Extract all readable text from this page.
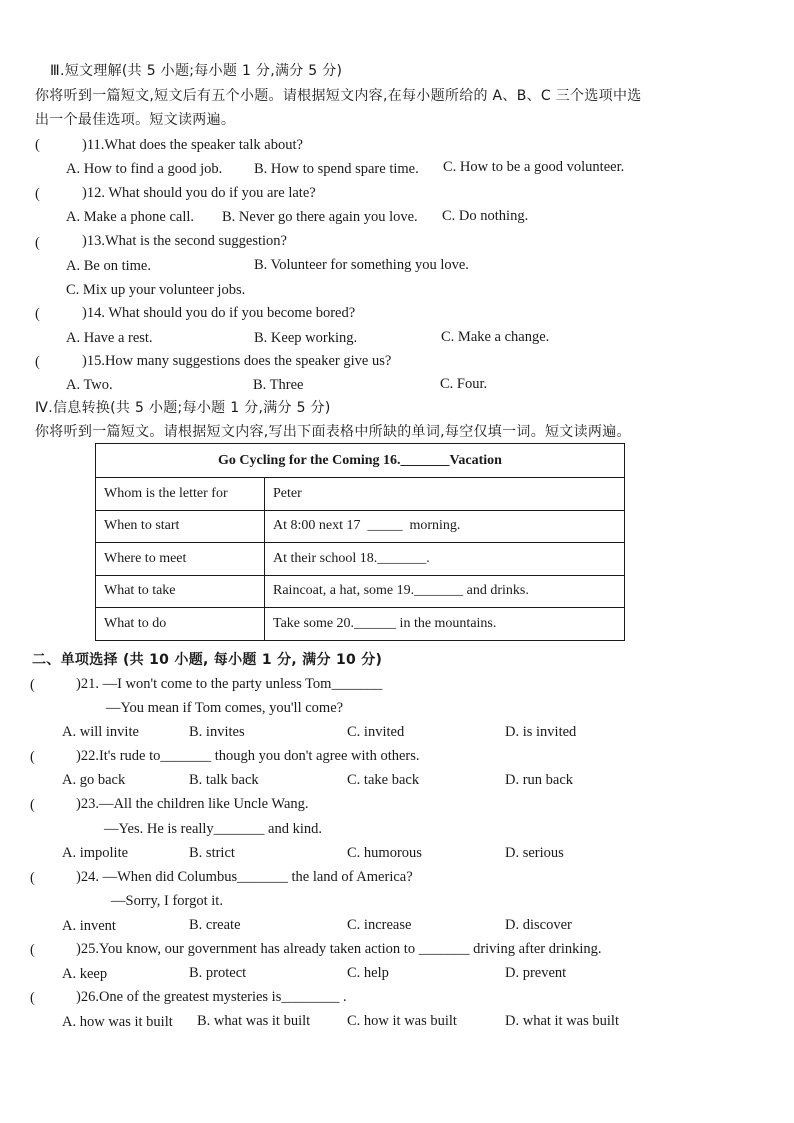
Ⅲ.短文理解(共 5 小题;每小题 1 分,满分 5 分)
你将听到一篇短文,短文后有五个小题。请根据短文内容,在每小题所给的 A、B、C 三个选项中选
出一个最佳选项。短文读两遍。
(	)11.What does the speaker talk about?
A. How to find a good job. B. How to spend spare time. C. How to be a good volunteer.
(	)12. What should you do if you are late?
A. Make a phone call. B. Never go there again you love. C. Do nothing.
(	)13.What is the second suggestion?
A. Be on time.	B. Volunteer for something you love.
C. Mix up your volunteer jobs.
(	)14. What should you do if you become bored?
A. Have a rest.	B. Keep working.	C. Make a change.
(	)15.How many suggestions does the speaker give us?
A. Two.	B. Three	C. Four.
Ⅳ.信息转换(共 5 小题;每小题 1 分,满分 5 分)
你将听到一篇短文。请根据短文内容,写出下面表格中所缺的单词,每空仅填一词。短文读两遍。
Go Cycling for the Coming 16._______Vacation	
Whom is the letter for	Peter
When to start	At 8:00 next 17  _____  morning.
Where to meet	At their school 18._______.
What to take	Raincoat, a hat, some 19._______ and drinks.
What to do	Take some 20.______ in the mountains.
二、单项选择 (共 10 小题, 每小题 1 分, 满分 10 分)
(	)21. —I won't come to the party unless Tom_______
—You mean if Tom comes, you'll come?
A. will invite	B. invites	C. invited	D. is invited
(	)22.It's rude to_______ though you don't agree with others.
A. go back	B. talk back	C. take back	D. run back
(	)23.—All the children like Uncle Wang.
—Yes. He is really_______ and kind.
A. impolite	B. strict	C. humorous	D. serious
(	)24. —When did Columbus_______ the land of America?
—Sorry, I forgot it.
A. invent	B. create	C. increase	D. discover
(	)25.You know, our government has already taken action to _______ driving after drinking.
A. keep	B. protect	C. help	D. prevent
(	)26.One of the greatest mysteries is________ .
A. how was it built B. what was it built	C. how it was built	D. what it was built
